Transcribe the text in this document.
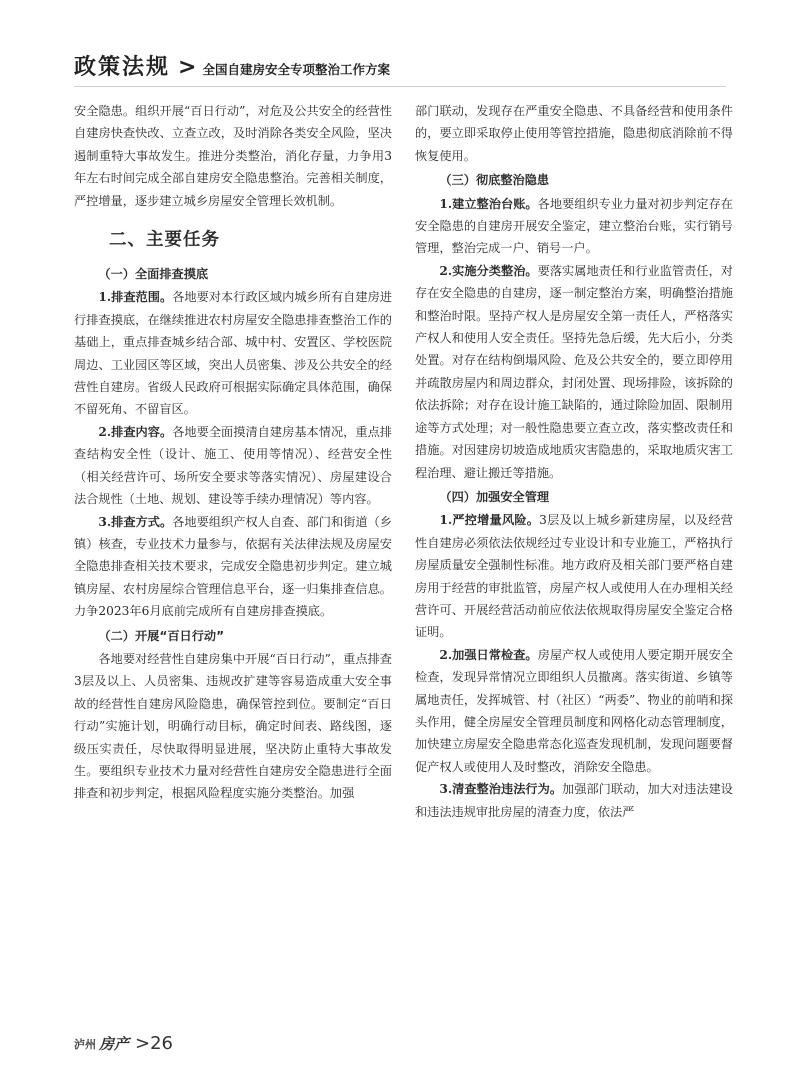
政策法规 > 全国自建房安全专项整治工作方案

安全隐患。组织开展“百日行动”，对危及公共安全的经营性自建房快查快改、立查立改，及时消除各类安全风险，坚决遏制重特大事故发生。推进分类整治，消化存量，力争用3年左右时间完成全部自建房安全隐患整治。完善相关制度，严控增量，逐步建立城乡房屋安全管理长效机制。

二、主要任务
（一）全面排查摸底

1.排查范围。各地要对本行政区域内城乡所有自建房进行排查摸底，在继续推进农村房屋安全隐患排查整治工作的基础上，重点排查城乡结合部、城中村、安置区、学校医院周边、工业园区等区域，突出人员密集、涉及公共安全的经营性自建房。省级人民政府可根据实际确定具体范围，确保不留死角、不留盲区。

2.排查内容。各地要全面摸清自建房基本情况，重点排查结构安全性（设计、施工、使用等情况）、经营安全性（相关经营许可、场所安全要求等落实情况）、房屋建设合法合规性（土地、规划、建设等手续办理情况）等内容。

3.排查方式。各地要组织产权人自查、部门和街道（乡镇）核查，专业技术力量参与，依据有关法律法规及房屋安全隐患排查相关技术要求，完成安全隐患初步判定。建立城镇房屋、农村房屋综合管理信息平台，逐一归集排查信息。力争2023年6月底前完成所有自建房排查摸底。

（二）开展“百日行动”

各地要对经营性自建房集中开展“百日行动”，重点排查3层及以上、人员密集、违规改扩建等容易造成重大安全事故的经营性自建房风险隐患，确保管控到位。要制定“百日行动”实施计划，明确行动目标，确定时间表、路线图，逐级压实责任，尽快取得明显进展，坚决防止重特大事故发生。要组织专业技术力量对经营性自建房安全隐患进行全面排查和初步判定，根据风险程度实施分类整治。加强

部门联动，发现存在严重安全隐患、不具备经营和使用条件的，要立即采取停止使用等管控措施，隐患彻底消除前不得恢复使用。

（三）彻底整治隐患

1.建立整治台账。各地要组织专业力量对初步判定存在安全隐患的自建房开展安全鉴定，建立整治台账，实行销号管理，整治完成一户、销号一户。

2.实施分类整治。要落实属地责任和行业监管责任，对存在安全隐患的自建房，逐一制定整治方案，明确整治措施和整治时限。坚持产权人是房屋安全第一责任人，严格落实产权人和使用人安全责任。坚持先急后缓，先大后小，分类处置。对存在结构倒塌风险、危及公共安全的，要立即停用并疏散房屋内和周边群众，封闭处置、现场排险，该拆除的依法拆除；对存在设计施工缺陷的，通过除险加固、限制用途等方式处理；对一般性隐患要立查立改，落实整改责任和措施。对因建房切坡造成地质灾害隐患的，采取地质灾害工程治理、避让搬迁等措施。

（四）加强安全管理

1.严控增量风险。3层及以上城乡新建房屋，以及经营性自建房必须依法依规经过专业设计和专业施工，严格执行房屋质量安全强制性标准。地方政府及相关部门要严格自建房用于经营的审批监管，房屋产权人或使用人在办理相关经营许可、开展经营活动前应依法依规取得房屋安全鉴定合格证明。

2.加强日常检查。房屋产权人或使用人要定期开展安全检查，发现异常情况立即组织人员撤离。落实街道、乡镇等属地责任，发挥城管、村（社区）“两委”、物业的前哨和探头作用，健全房屋安全管理员制度和网格化动态管理制度，加快建立房屋安全隐患常态化巡查发现机制，发现问题要督促产权人或使用人及时整改，消除安全隐患。

3.清查整治违法行为。加强部门联动，加大对违法建设和违法违规审批房屋的清查力度，依法严

泸州 房产 >26
